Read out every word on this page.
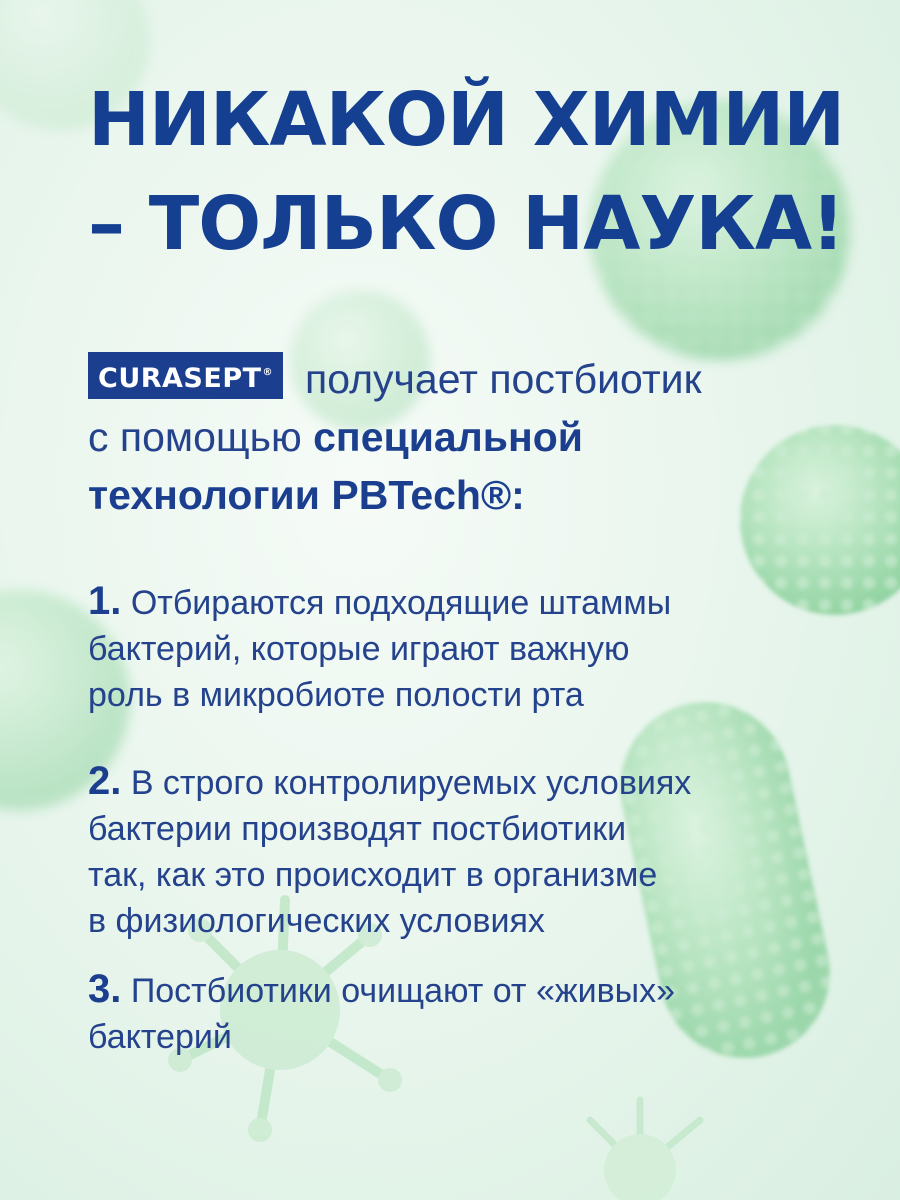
НИКАКОЙ ХИМИИ
– ТОЛЬКО НАУКА!
CURASEPT® получает постбиотик
с помощью специальной
технологии PBTech®:
1. Отбираются подходящие штаммы
бактерий, которые играют важную
роль в микробиоте полости рта
2. В строго контролируемых условиях
бактерии производят постбиотики
так, как это происходит в организме
в физиологических условиях
3. Постбиотики очищают от «живых»
бактерий
